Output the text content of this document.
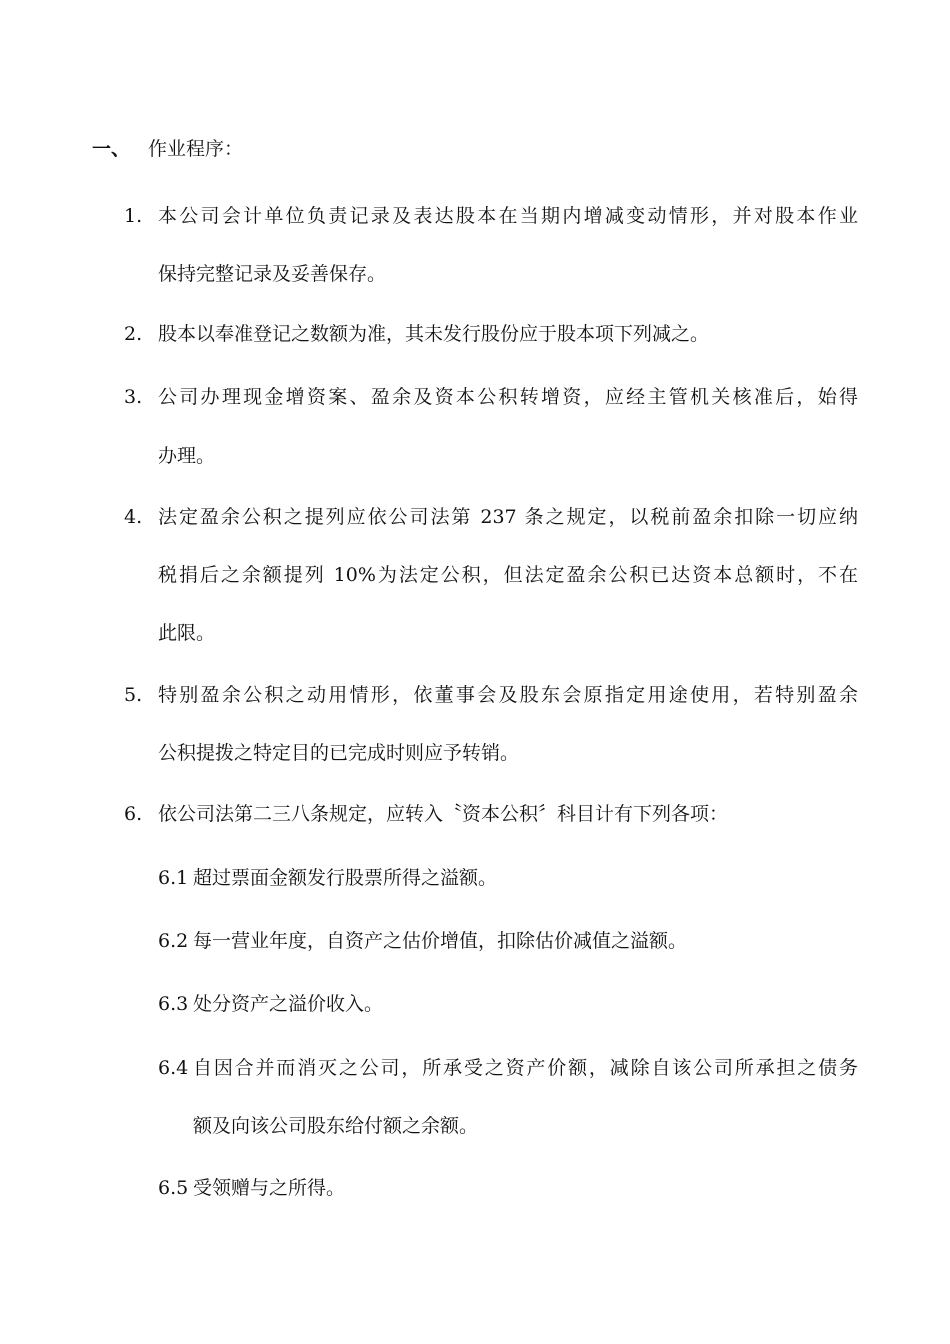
一、 作业程序：
1. 本公司会计单位负责记录及表达股本在当期内增减变动情形，并对股本作业
保持完整记录及妥善保存。
2. 股本以奉准登记之数额为准，其未发行股份应于股本项下列减之。
3. 公司办理现金增资案、盈余及资本公积转增资，应经主管机关核准后，始得
办理。
4. 法定盈余公积之提列应依公司法第 237 条之规定，以税前盈余扣除一切应纳
税捐后之余额提列 10%为法定公积，但法定盈余公积已达资本总额时，不在
此限。
5. 特别盈余公积之动用情形，依董事会及股东会原指定用途使用，若特别盈余
公积提拨之特定目的已完成时则应予转销。
6. 依公司法第二三八条规定，应转入〝资本公积〞科目计有下列各项：
6.1 超过票面金额发行股票所得之溢额。
6.2 每一营业年度，自资产之估价增值，扣除估价减值之溢额。
6.3 处分资产之溢价收入。
6.4 自因合并而消灭之公司，所承受之资产价额，减除自该公司所承担之债务
额及向该公司股东给付额之余额。
6.5 受领赠与之所得。
